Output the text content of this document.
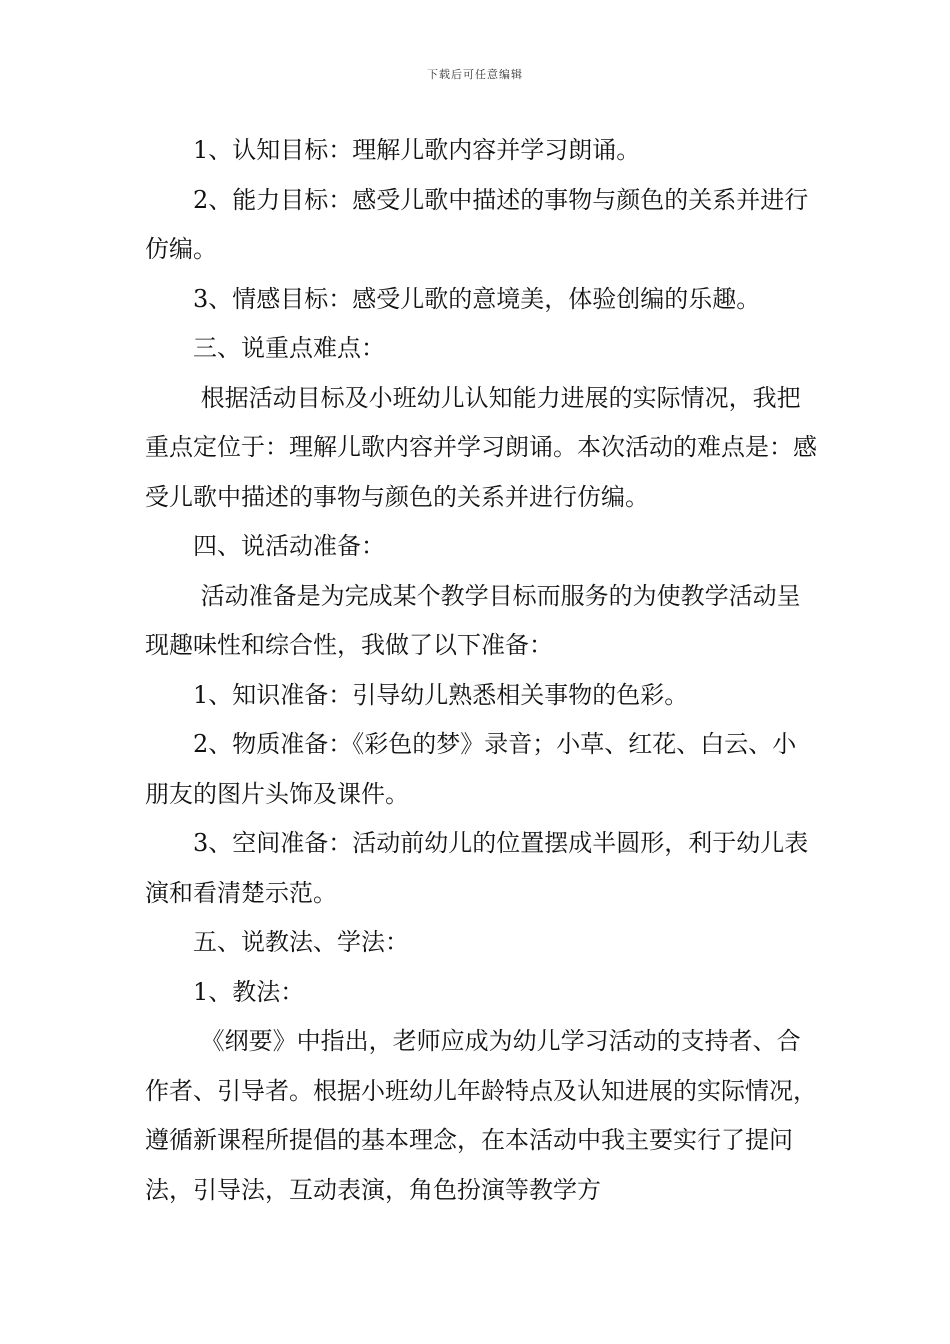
下载后可任意编辑

1、认知目标：理解儿歌内容并学习朗诵。

2、能力目标：感受儿歌中描述的事物与颜色的关系并进行仿编。

3、情感目标：感受儿歌的意境美，体验创编的乐趣。

三、说重点难点：

根据活动目标及小班幼儿认知能力进展的实际情况，我把重点定位于：理解儿歌内容并学习朗诵。本次活动的难点是：感受儿歌中描述的事物与颜色的关系并进行仿编。

四、说活动准备：

活动准备是为完成某个教学目标而服务的为使教学活动呈现趣味性和综合性，我做了以下准备：

1、知识准备：引导幼儿熟悉相关事物的色彩。

2、物质准备：《彩色的梦》录音；小草、红花、白云、小朋友的图片头饰及课件。

3、空间准备：活动前幼儿的位置摆成半圆形，利于幼儿表演和看清楚示范。

五、说教法、学法：

1、教法：

《纲要》中指出，老师应成为幼儿学习活动的支持者、合作者、引导者。根据小班幼儿年龄特点及认知进展的实际情况，遵循新课程所提倡的基本理念，在本活动中我主要实行了提问法，引导法，互动表演，角色扮演等教学方
